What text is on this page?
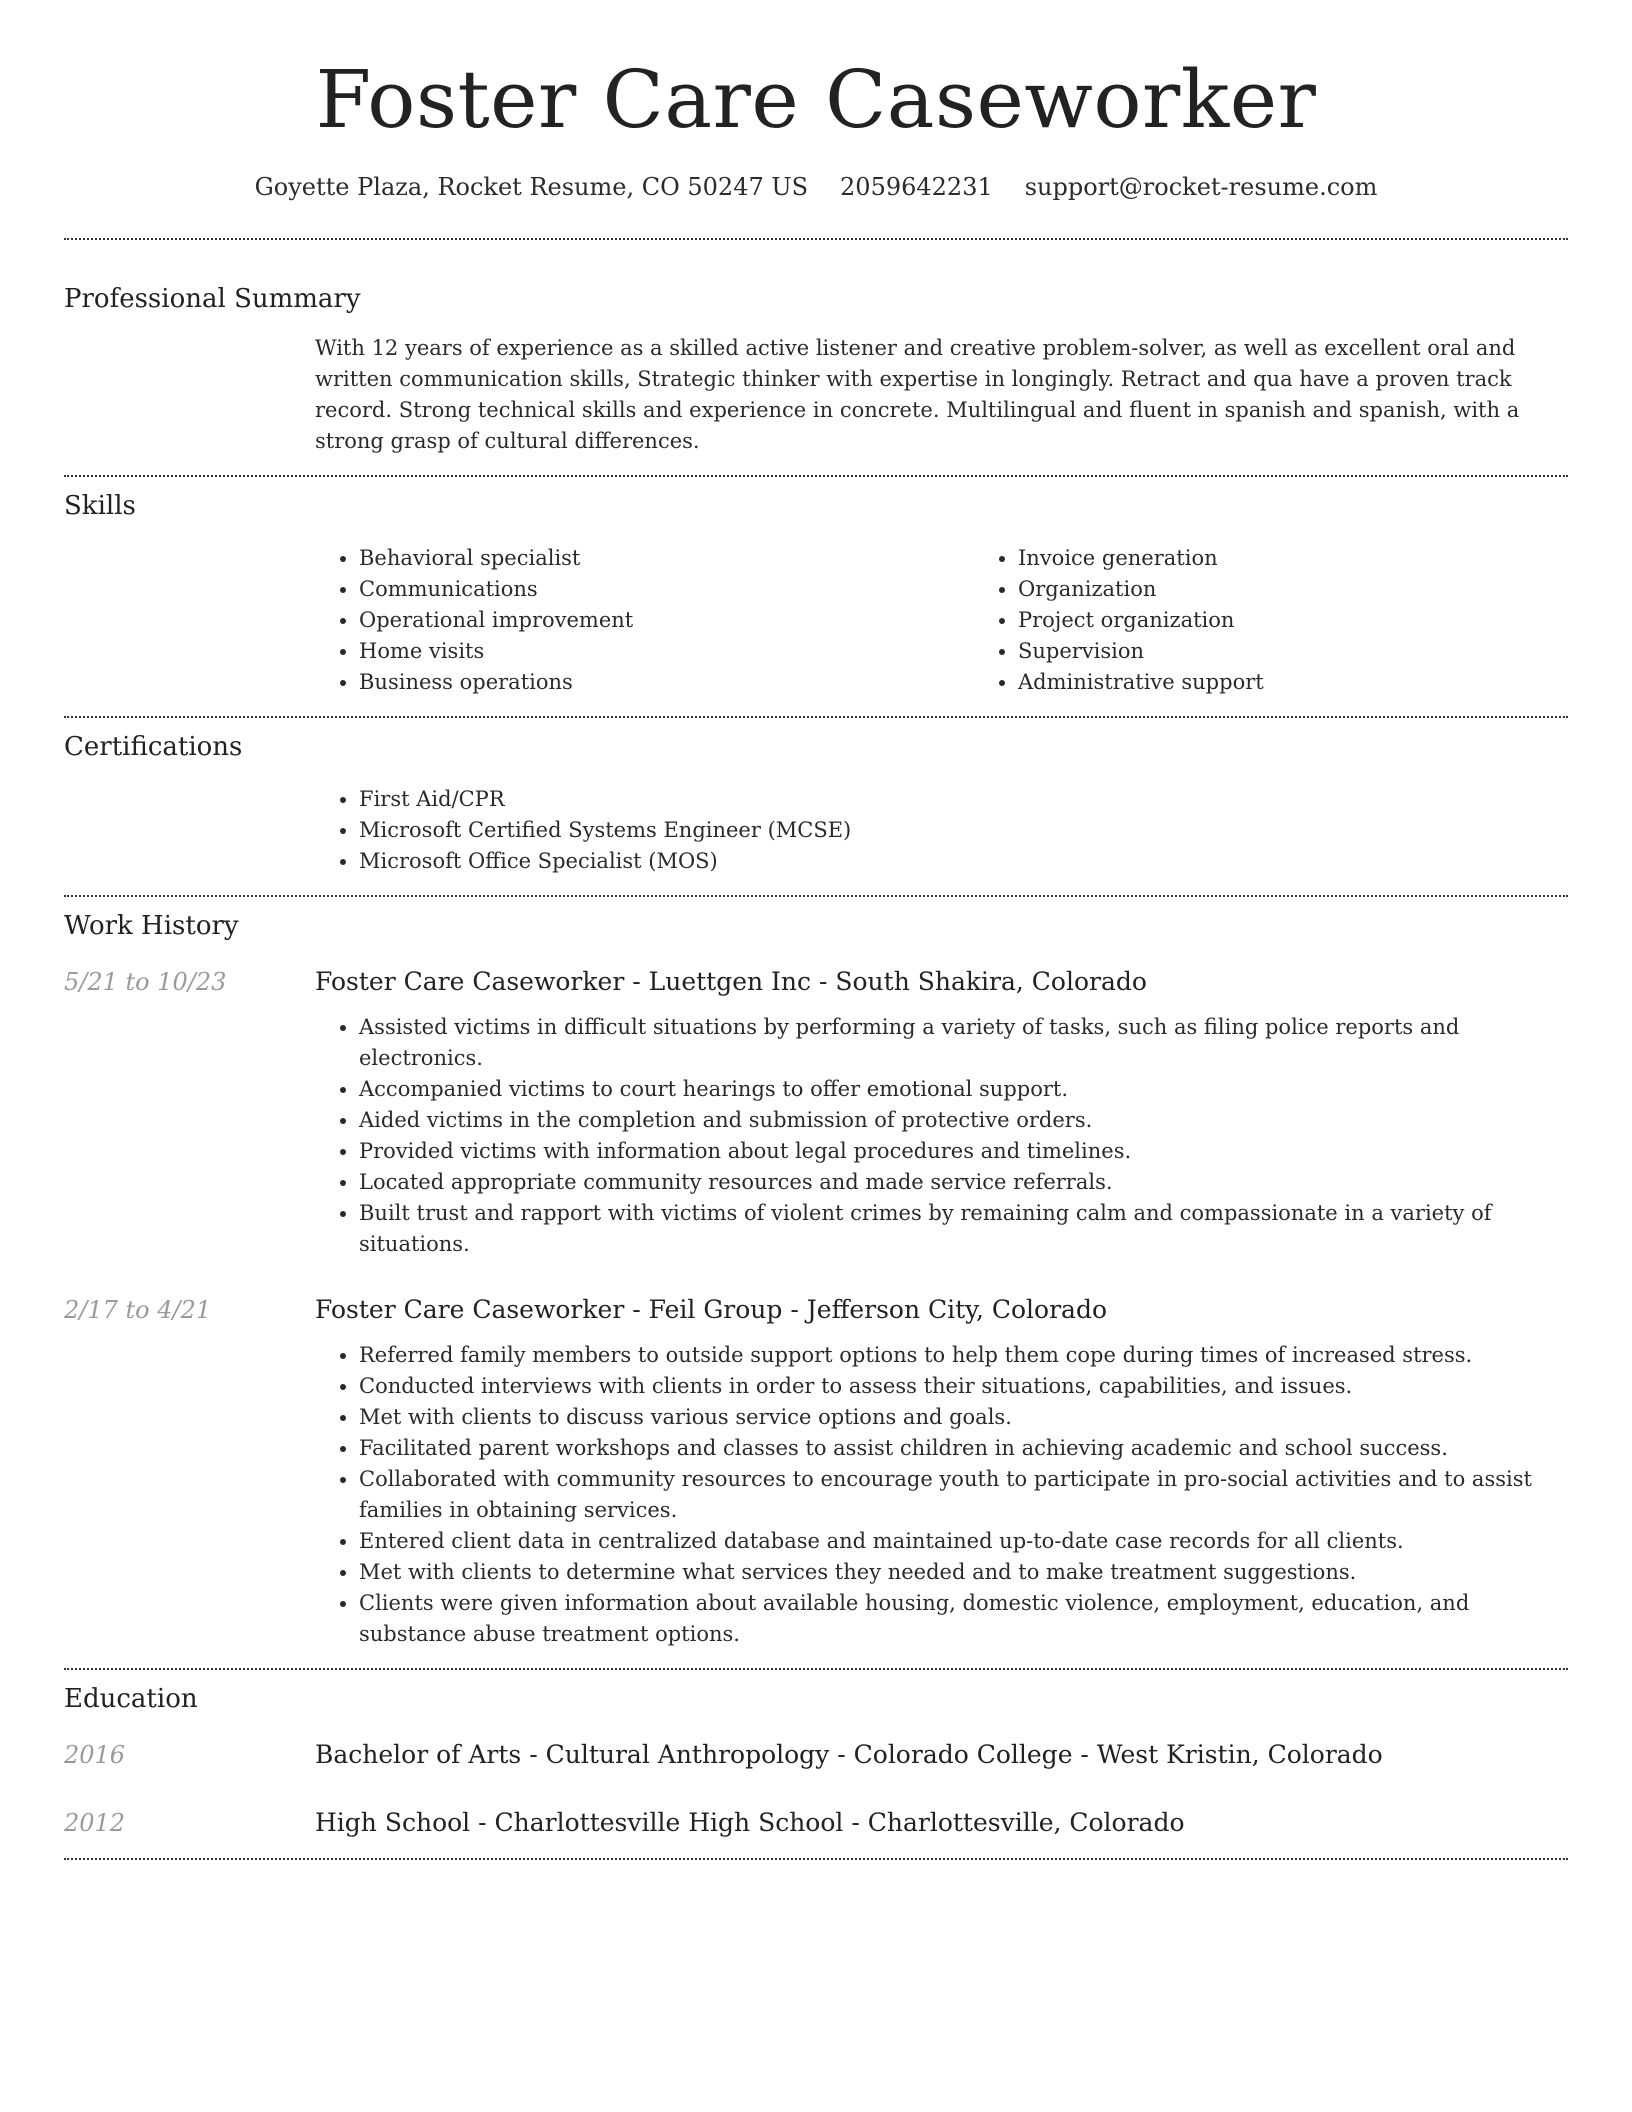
Foster Care Caseworker
Goyette Plaza, Rocket Resume, CO 50247 US 2059642231 support@rocket-resume.com
Professional Summary

With 12 years of experience as a skilled active listener and creative problem-solver, as well as excellent oral and written communication skills, Strategic thinker with expertise in longingly. Retract and qua have a proven track record. Strong technical skills and experience in concrete. Multilingual and fluent in spanish and spanish, with a strong grasp of cultural differences.

Skills
• Behavioral specialist
• Communications
• Operational improvement
• Home visits
• Business operations
• Invoice generation
• Organization
• Project organization
• Supervision
• Administrative support
Certifications
• First Aid/CPR
• Microsoft Certified Systems Engineer (MCSE)
• Microsoft Office Specialist (MOS)
Work History
5/21 to 10/23	Foster Care Caseworker - Luettgen Inc - South Shakira, Colorado
• Assisted victims in difficult situations by performing a variety of tasks, such as filing police reports and electronics.
• Accompanied victims to court hearings to offer emotional support.
• Aided victims in the completion and submission of protective orders.
• Provided victims with information about legal procedures and timelines.
• Located appropriate community resources and made service referrals.
• Built trust and rapport with victims of violent crimes by remaining calm and compassionate in a variety of situations.
2/17 to 4/21	Foster Care Caseworker - Feil Group - Jefferson City, Colorado
• Referred family members to outside support options to help them cope during times of increased stress.
• Conducted interviews with clients in order to assess their situations, capabilities, and issues.
• Met with clients to discuss various service options and goals.
• Facilitated parent workshops and classes to assist children in achieving academic and school success.
• Collaborated with community resources to encourage youth to participate in pro-social activities and to assist families in obtaining services.
• Entered client data in centralized database and maintained up-to-date case records for all clients.
• Met with clients to determine what services they needed and to make treatment suggestions.
• Clients were given information about available housing, domestic violence, employment, education, and substance abuse treatment options.
Education
2016	Bachelor of Arts - Cultural Anthropology - Colorado College - West Kristin, Colorado
2012	High School - Charlottesville High School - Charlottesville, Colorado
